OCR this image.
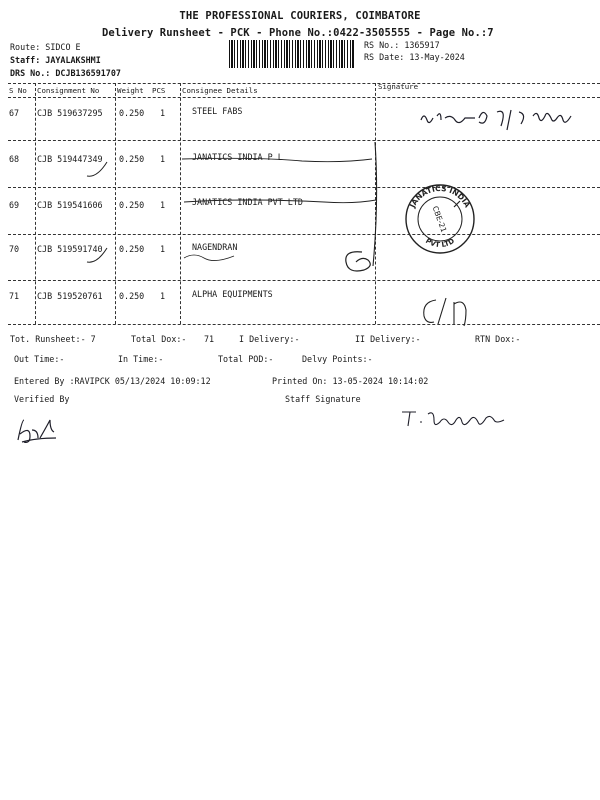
THE PROFESSIONAL COURIERS, COIMBATORE
Delivery Runsheet - PCK - Phone No.:0422-3505555 - Page No.:7
Route: SIDCO E
Staff: JAYALAKSHMI
DRS No.: DCJB136591707
RS No.: 1365917
RS Date: 13-May-2024
S No Consignment No Weight PCS Consignee Details	Signature
67 CJB 519637295 0.250 1	STEEL FABS
68 CJB 519447349 0.250 1	JANATICS INDIA P L
69 CJB 519541606 0.250 1	JANATICS INDIA PVT LTD
70 CJB 519591740 0.250 1	NAGENDRAN
71 CJB 519520761 0.250 1	ALPHA EQUIPMENTS
JANATICS INDIA
PVT LTD
CBE-21
Tot. Runsheet:- 7	Total Dox:- 71	I Delivery:-	II Delivery:-	RTN Dox:-
Out Time:-	In Time:-	Total POD:-	Delvy Points:-
Entered By :RAVIPCK 05/13/2024 10:09:12	Printed On: 13-05-2024 10:14:02
Verified By	Staff Signature
